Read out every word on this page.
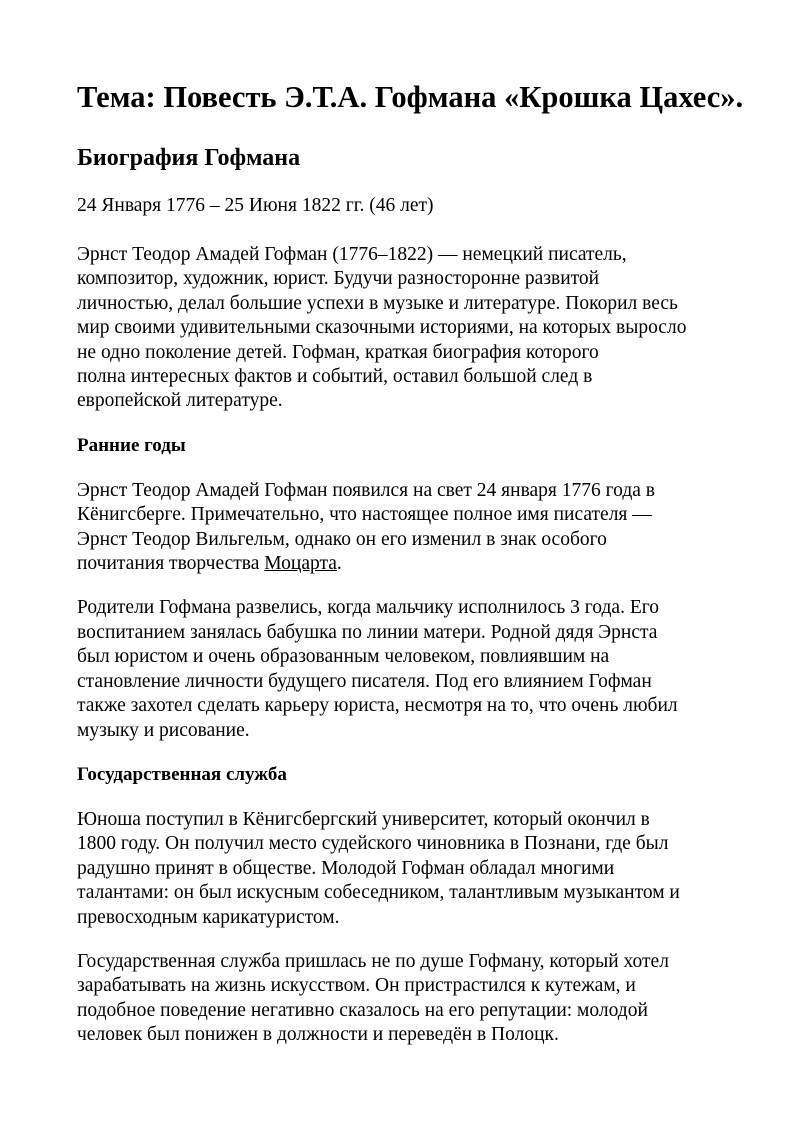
Тема: Повесть Э.Т.А. Гофмана «Крошка Цахес».
Биография Гофмана
24 Января 1776 – 25 Июня 1822 гг. (46 лет)
Эрнст Теодор Амадей Гофман (1776–1822) — немецкий писатель,
композитор, художник, юрист. Будучи разносторонне развитой
личностью, делал большие успехи в музыке и литературе. Покорил весь
мир своими удивительными сказочными историями, на которых выросло
не одно поколение детей. Гофман, краткая биография которого
полна интересных фактов и событий, оставил большой след в
европейской литературе.
Ранние годы
Эрнст Теодор Амадей Гофман появился на свет 24 января 1776 года в
Кёнигсберге. Примечательно, что настоящее полное имя писателя —
Эрнст Теодор Вильгельм, однако он его изменил в знак особого
почитания творчества Моцарта.
Родители Гофмана развелись, когда мальчику исполнилось 3 года. Его
воспитанием занялась бабушка по линии матери. Родной дядя Эрнста
был юристом и очень образованным человеком, повлиявшим на
становление личности будущего писателя. Под его влиянием Гофман
также захотел сделать карьеру юриста, несмотря на то, что очень любил
музыку и рисование.
Государственная служба
Юноша поступил в Кёнигсбергский университет, который окончил в
1800 году. Он получил место судейского чиновника в Познани, где был
радушно принят в обществе. Молодой Гофман обладал многими
талантами: он был искусным собеседником, талантливым музыкантом и
превосходным карикатуристом.
Государственная служба пришлась не по душе Гофману, который хотел
зарабатывать на жизнь искусством. Он пристрастился к кутежам, и
подобное поведение негативно сказалось на его репутации: молодой
человек был понижен в должности и переведён в Полоцк.
